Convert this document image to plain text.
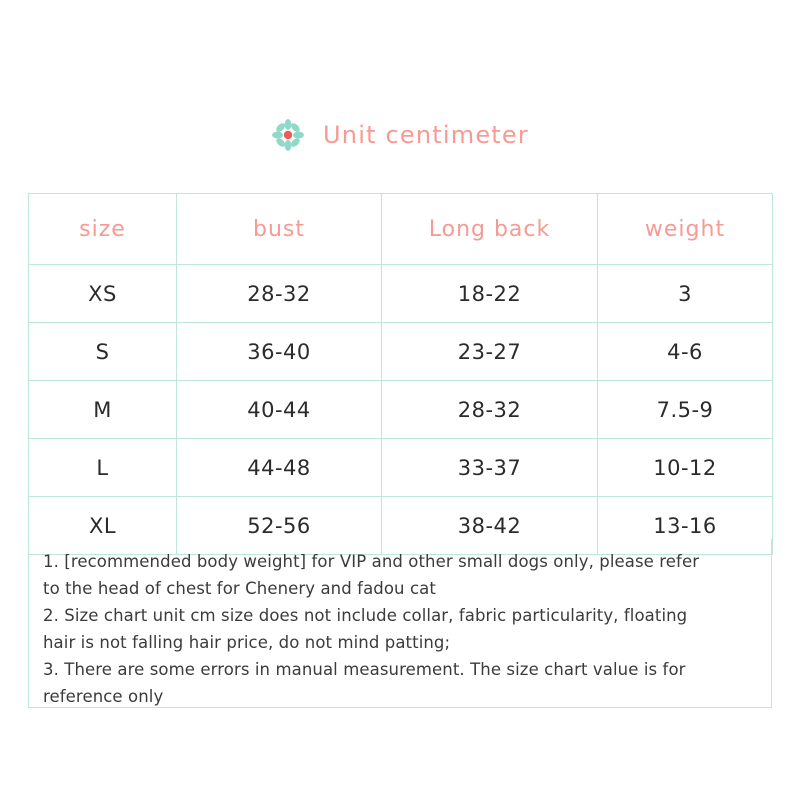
Unit centimeter
size	bust	Long back	weight
XS	28-32	18-22	3
S	36-40	23-27	4-6
M	40-44	28-32	7.5-9
L	44-48	33-37	10-12
XL	52-56	38-42	13-16
1. [recommended body weight] for VIP and other small dogs only, please refer
to the head of chest for Chenery and fadou cat
2. Size chart unit cm size does not include collar, fabric particularity, floating
hair is not falling hair price, do not mind patting;
3. There are some errors in manual measurement. The size chart value is for
reference only
